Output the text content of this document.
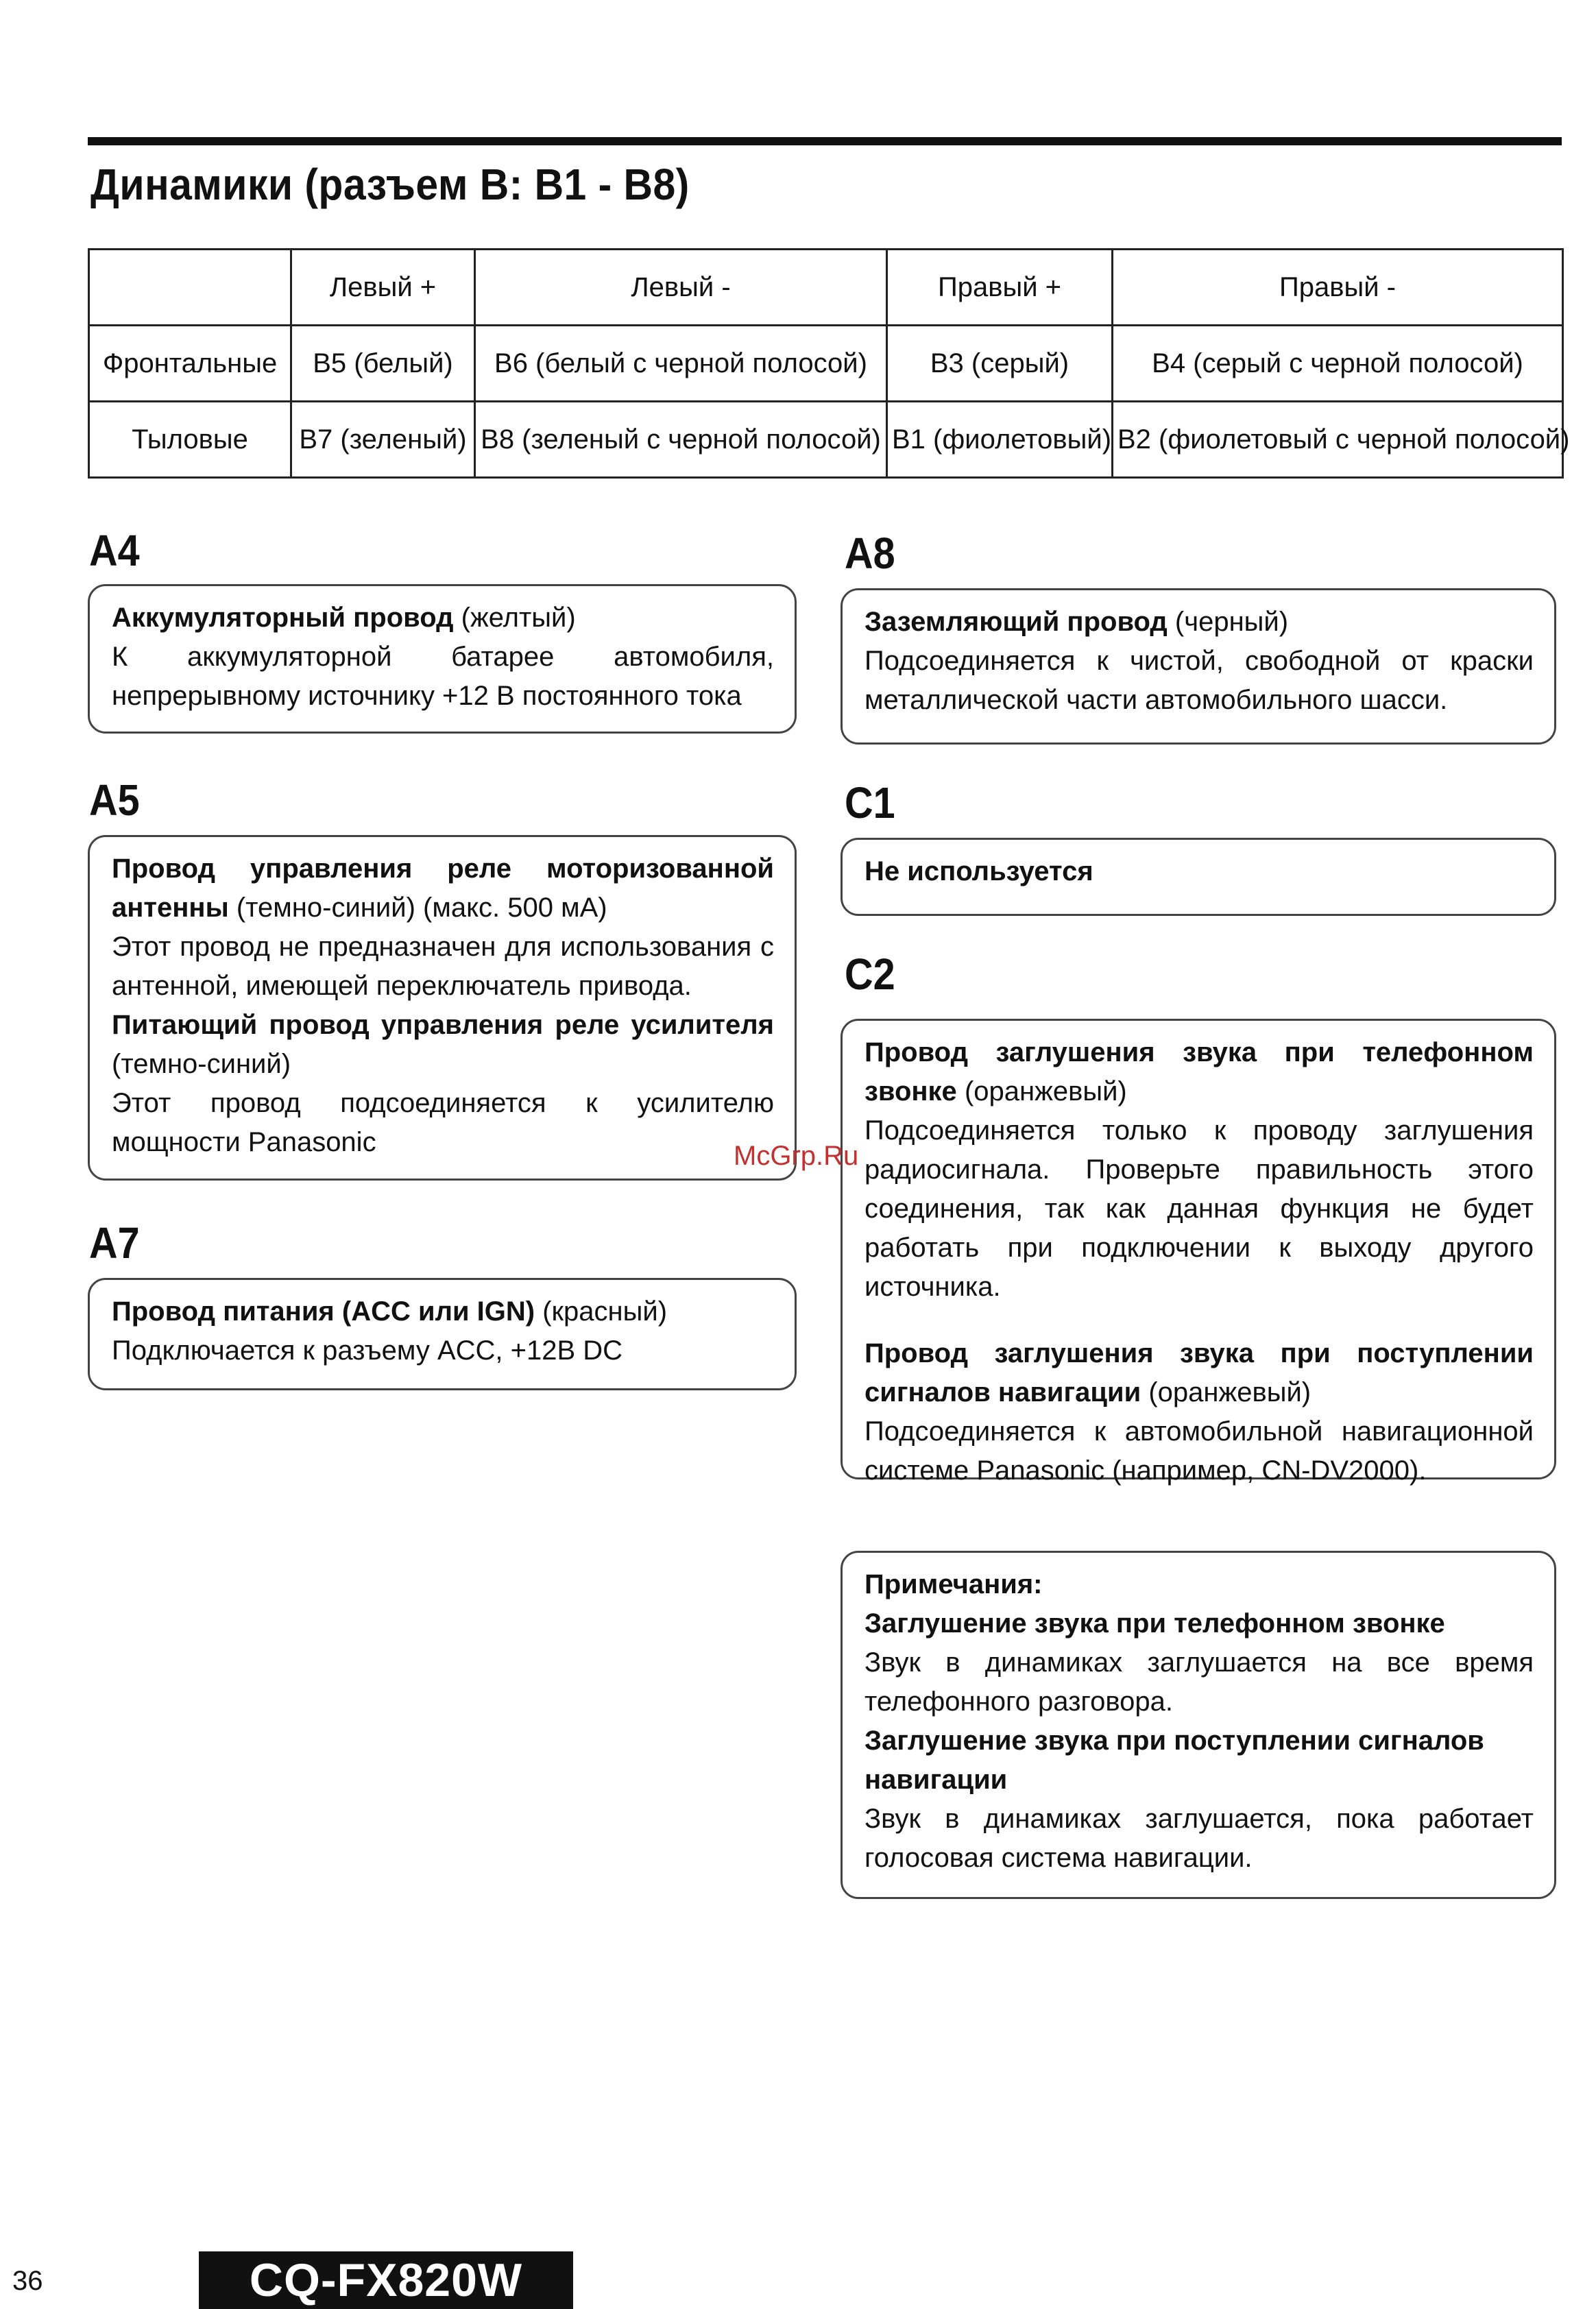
Динамики (разъем B: B1 - B8)
	Левый +	Левый -	Правый +	Правый -
Фронтальные	B5 (белый)	B6 (белый с черной полосой)	B3 (серый)	B4 (серый с черной полосой)
Тыловые	B7 (зеленый)	B8 (зеленый с черной полосой)	B1 (фиолетовый)	B2 (фиолетовый с черной полосой)
A4

Аккумуляторный провод (желтый)

К аккумуляторной батарее автомобиля, непрерывному источнику +12 В постоянного тока

A5

Провод управления реле моторизованной антенны (темно-синий) (макс. 500 мА)

Этот провод не предназначен для использования с антенной, имеющей переключатель привода.

Питающий провод управления реле усилителя (темно-синий)

Этот провод подсоединяется к усилителю мощности Panasonic

A7

Провод питания (ACC или IGN) (красный)

Подключается к разъему ACC, +12B DC

A8

Заземляющий провод (черный)

Подсоединяется к чистой, свободной от краски металлической части автомобильного шасси.

C1

Не используется

C2

Провод заглушения звука при телефонном звонке (оранжевый)

Подсоединяется только к проводу заглушения радиосигнала. Проверьте правильность этого соединения, так как данная функция не будет работать при подключении к выходу другого источника.

Провод заглушения звука при поступлении сигналов навигации (оранжевый)

Подсоединяется к автомобильной навигационной системе Panasonic (например, CN-DV2000).

Примечания:

Заглушение звука при телефонном звонке

Звук в динамиках заглушается на все время телефонного разговора.

Заглушение звука при поступлении сигналов навигации

Звук в динамиках заглушается, пока работает голосовая система навигации.

McGrp.Ru
36	CQ-FX820W
